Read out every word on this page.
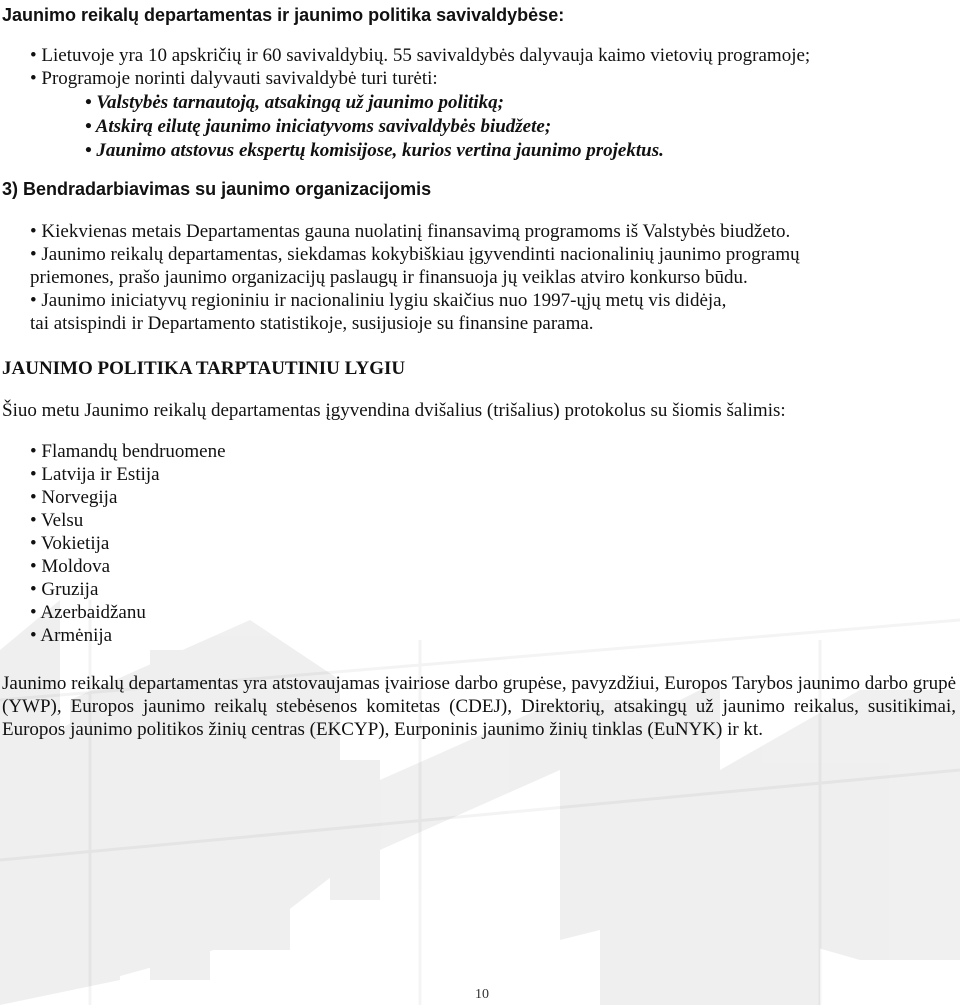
Jaunimo reikalų departamentas ir jaunimo politika savivaldybėse:
• Lietuvoje yra 10 apskričių ir 60 savivaldybių. 55 savivaldybės dalyvauja kaimo vietovių programoje;
• Programoje norinti dalyvauti savivaldybė turi turėti:
• Valstybės tarnautoją, atsakingą už jaunimo politiką;
• Atskirą eilutę jaunimo iniciatyvoms savivaldybės biudžete;
• Jaunimo atstovus ekspertų komisijose, kurios vertina jaunimo projektus.
3) Bendradarbiavimas su jaunimo organizacijomis
• Kiekvienas metais Departamentas gauna nuolatinį finansavimą programoms iš Valstybės biudžeto.
• Jaunimo reikalų departamentas, siekdamas kokybiškiau įgyvendinti nacionalinių jaunimo programų
priemones, prašo jaunimo organizacijų paslaugų ir finansuoja jų veiklas atviro konkurso būdu.
• Jaunimo iniciatyvų regioniniu ir nacionaliniu lygiu skaičius nuo 1997-ųjų metų vis didėja,
tai atsispindi ir Departamento statistikoje, susijusioje su finansine parama.
JAUNIMO POLITIKA TARPTAUTINIU LYGIU
Šiuo metu Jaunimo reikalų departamentas įgyvendina dvišalius (trišalius) protokolus su šiomis šalimis:
• Flamandų bendruomene
• Latvija ir Estija
• Norvegija
• Velsu
• Vokietija
• Moldova
• Gruzija
• Azerbaidžanu
• Armėnija
Jaunimo reikalų departamentas yra atstovaujamas įvairiose darbo grupėse, pavyzdžiui, Europos Tarybos jaunimo darbo grupė (YWP), Europos jaunimo reikalų stebėsenos komitetas (CDEJ), Direktorių, atsakingų už jaunimo reikalus, susitikimai, Europos jaunimo politikos žinių centras (EKCYP), Eurponinis jaunimo žinių tinklas (EuNYK) ir kt.
10
